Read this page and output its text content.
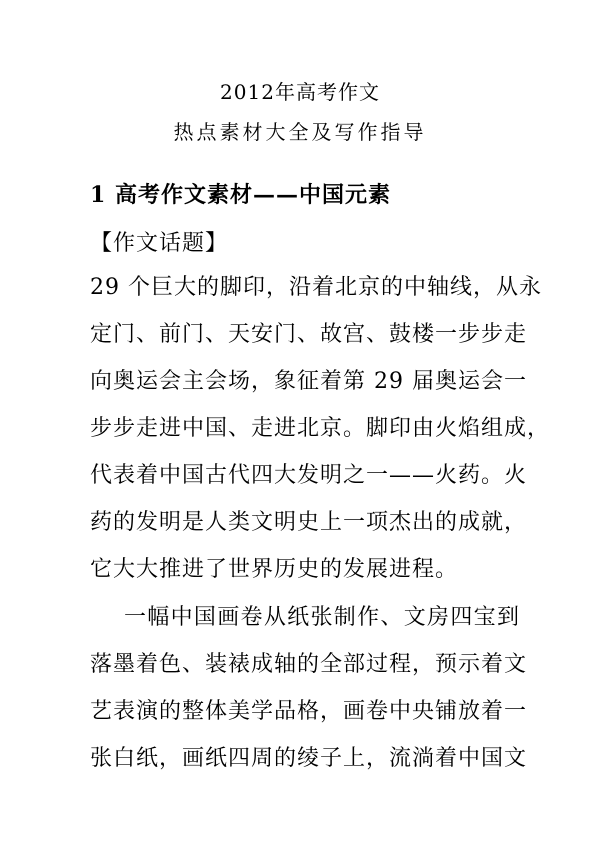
2012年高考作文
热点素材大全及写作指导
1 高考作文素材——中国元素
【作文话题】
29 个巨大的脚印，沿着北京的中轴线，从永
定门、前门、天安门、故宫、鼓楼一步步走
向奥运会主会场，象征着第 29 届奥运会一
步步走进中国、走进北京。脚印由火焰组成，
代表着中国古代四大发明之一——火药。火
药的发明是人类文明史上一项杰出的成就，
它大大推进了世界历史的发展进程。
一幅中国画卷从纸张制作、文房四宝到
落墨着色、装裱成轴的全部过程，预示着文
艺表演的整体美学品格，画卷中央铺放着一
张白纸，画纸四周的绫子上，流淌着中国文
